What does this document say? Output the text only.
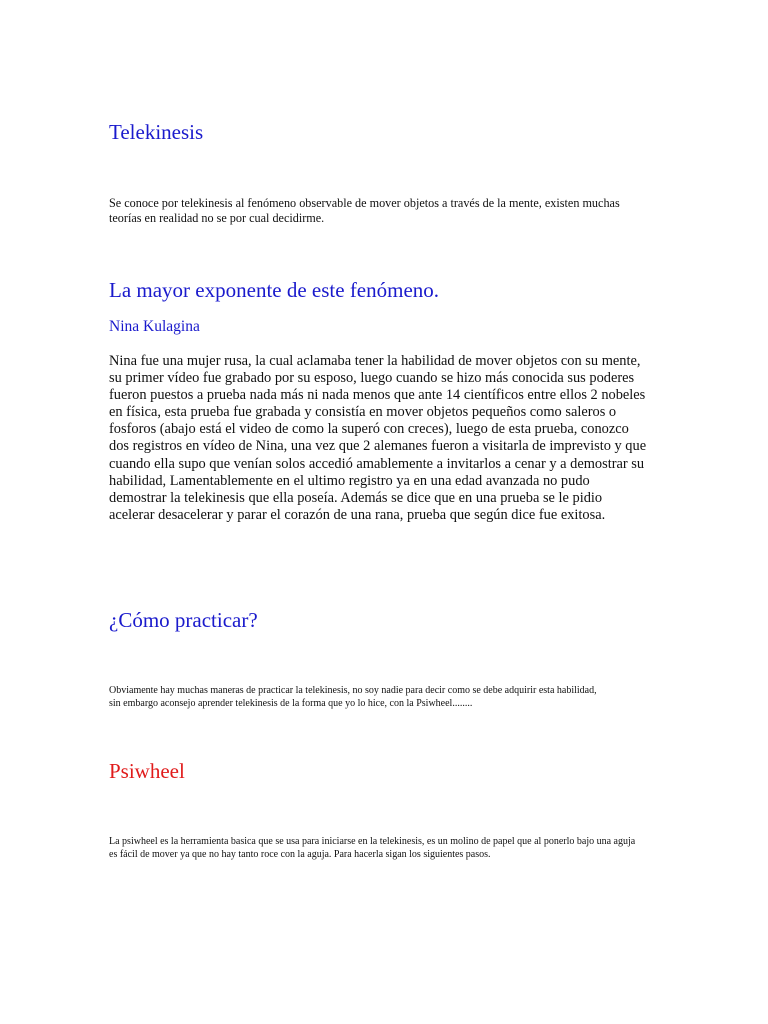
Telekinesis

Se conoce por telekinesis al fenómeno observable de mover objetos a través de la mente, existen muchas teorías en realidad no se por cual decidirme.

La mayor exponente de este fenómeno.
Nina Kulagina

Nina fue una mujer rusa, la cual aclamaba tener la habilidad de mover objetos con su mente, su primer vídeo fue grabado por su esposo, luego cuando se hizo más conocida sus poderes fueron puestos a prueba nada más ni nada menos que ante 14 científicos entre ellos 2 nobeles en física, esta prueba fue grabada y consistía en mover objetos pequeños como saleros o fosforos (abajo está el video de como la superó con creces), luego de esta prueba, conozco dos registros en vídeo de Nina, una vez que 2 alemanes fueron a visitarla de imprevisto y que cuando ella supo que venían solos accedió amablemente a invitarlos a cenar y a demostrar su habilidad, Lamentablemente en el ultimo registro ya en una edad avanzada no pudo demostrar la telekinesis que ella poseía. Además se dice que en una prueba se le pidio acelerar desacelerar y parar el corazón de una rana, prueba que según dice fue exitosa.

¿Cómo practicar?

Obviamente hay muchas maneras de practicar la telekinesis, no soy nadie para decir como se debe adquirir esta habilidad, sin embargo aconsejo aprender telekinesis de la forma que yo lo hice, con la Psiwheel........

Psiwheel

La psiwheel es la herramienta basica que se usa para iniciarse en la telekinesis, es un molino de papel que al ponerlo bajo una aguja es fácil de mover ya que no hay tanto roce con la aguja. Para hacerla sigan los siguientes pasos.
